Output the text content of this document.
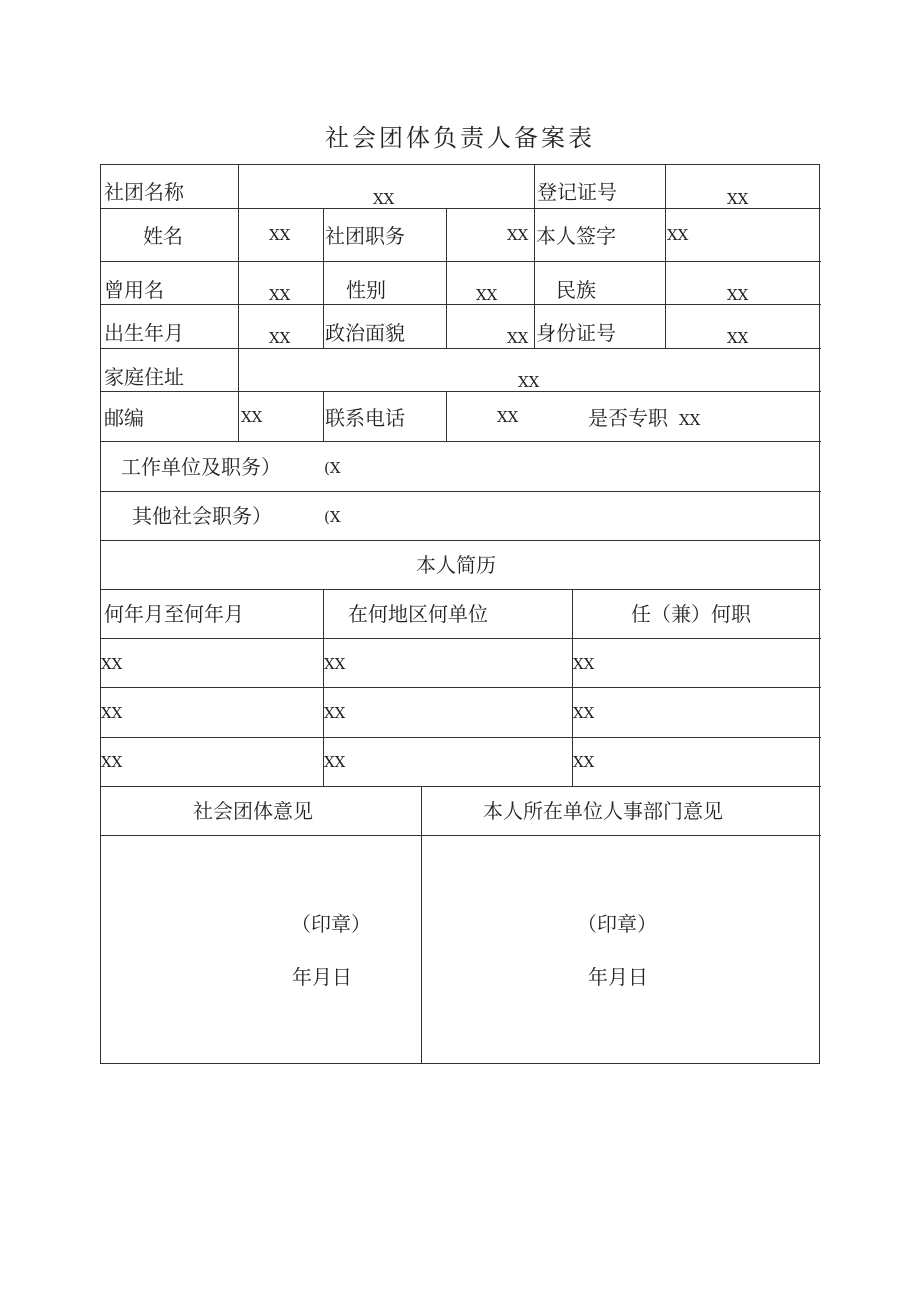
社会团体负责人备案表
社团名称	XX	登记证号	XX
姓名	XX 社团职务	XX 本人签字	XX
曾用名	XX	性别	XX	民族	XX
出生年月	XX 政治面貌	XX 身份证号	XX
家庭住址	XX
邮编	XX	联系电话	XX	是否专职 XX
工作单位及职务）	(X
其他社会职务）	(X
本人简历
何年月至何年月	在何地区何单位	任（兼）何职
XX	XX	XX
XX	XX	XX
XX	XX	XX
社会团体意见	本人所在单位人事部门意见
（印章）
年月日
（印章）
年月日
